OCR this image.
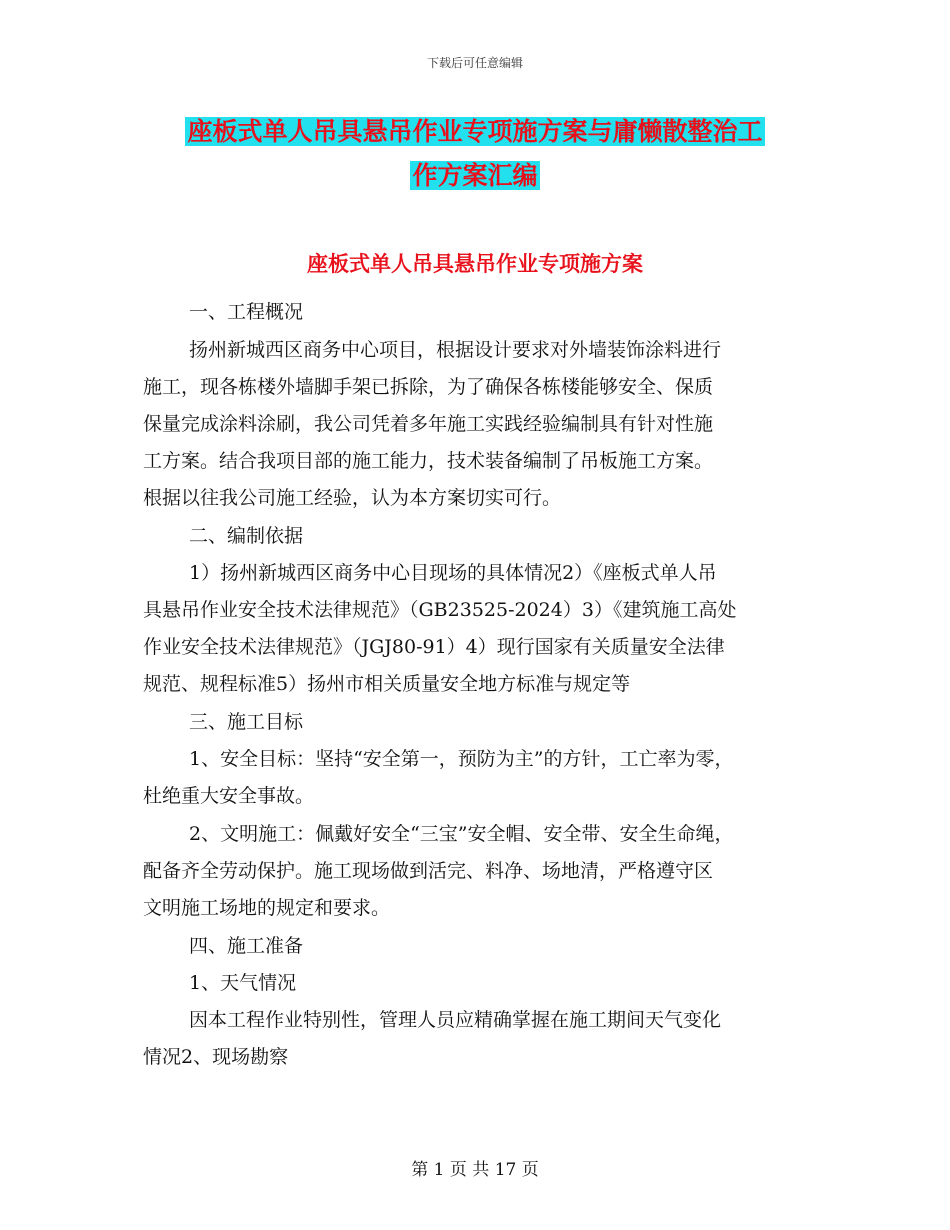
下载后可任意编辑
座板式单人吊具悬吊作业专项施方案与庸懒散整治工
作方案汇编
座板式单人吊具悬吊作业专项施方案
一、工程概况
扬州新城西区商务中心项目，根据设计要求对外墙装饰涂料进行
施工，现各栋楼外墙脚手架已拆除，为了确保各栋楼能够安全、保质
保量完成涂料涂刷，我公司凭着多年施工实践经验编制具有针对性施
工方案。结合我项目部的施工能力，技术装备编制了吊板施工方案。
根据以往我公司施工经验，认为本方案切实可行。
二、编制依据
1）扬州新城西区商务中心目现场的具体情况2）《座板式单人吊
具悬吊作业安全技术法律规范》（GB23525-2024）3）《建筑施工高处
作业安全技术法律规范》（JGJ80-91）4）现行国家有关质量安全法律
规范、规程标准5）扬州市相关质量安全地方标准与规定等
三、施工目标
1、安全目标：坚持“安全第一，预防为主”的方针，工亡率为零，
杜绝重大安全事故。
2、文明施工：佩戴好安全“三宝”安全帽、安全带、安全生命绳，
配备齐全劳动保护。施工现场做到活完、料净、场地清，严格遵守区
文明施工场地的规定和要求。
四、施工准备
1、天气情况
因本工程作业特别性，管理人员应精确掌握在施工期间天气变化
情况2、现场勘察
第 1 页 共 17 页
